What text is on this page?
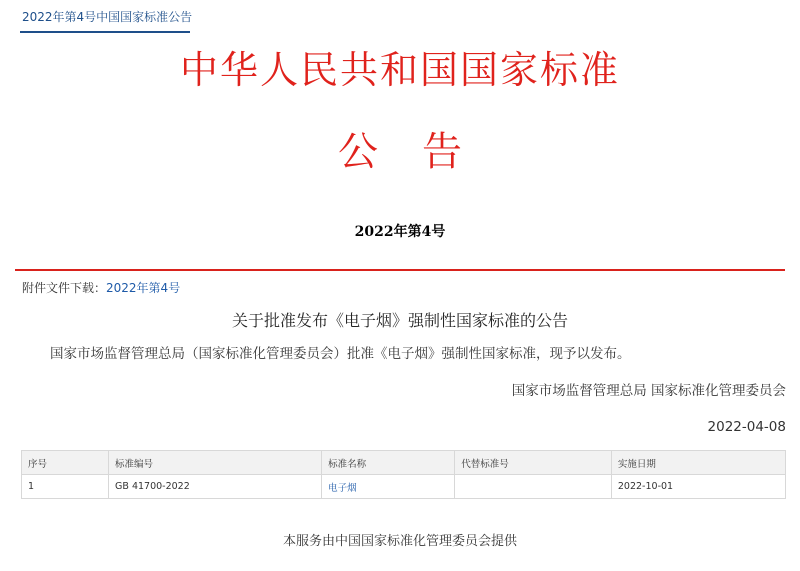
2022年第4号中国国家标准公告
中华人民共和国国家标准
公告
2022年第4号
附件文件下载：2022年第4号
关于批准发布《电子烟》强制性国家标准的公告
国家市场监督管理总局（国家标准化管理委员会）批准《电子烟》强制性国家标准，现予以发布。
国家市场监督管理总局 国家标准化管理委员会
2022-04-08
序号	标准编号	标准名称	代替标准号	实施日期
1	GB 41700-2022	电子烟		2022-10-01
本服务由中国国家标准化管理委员会提供
